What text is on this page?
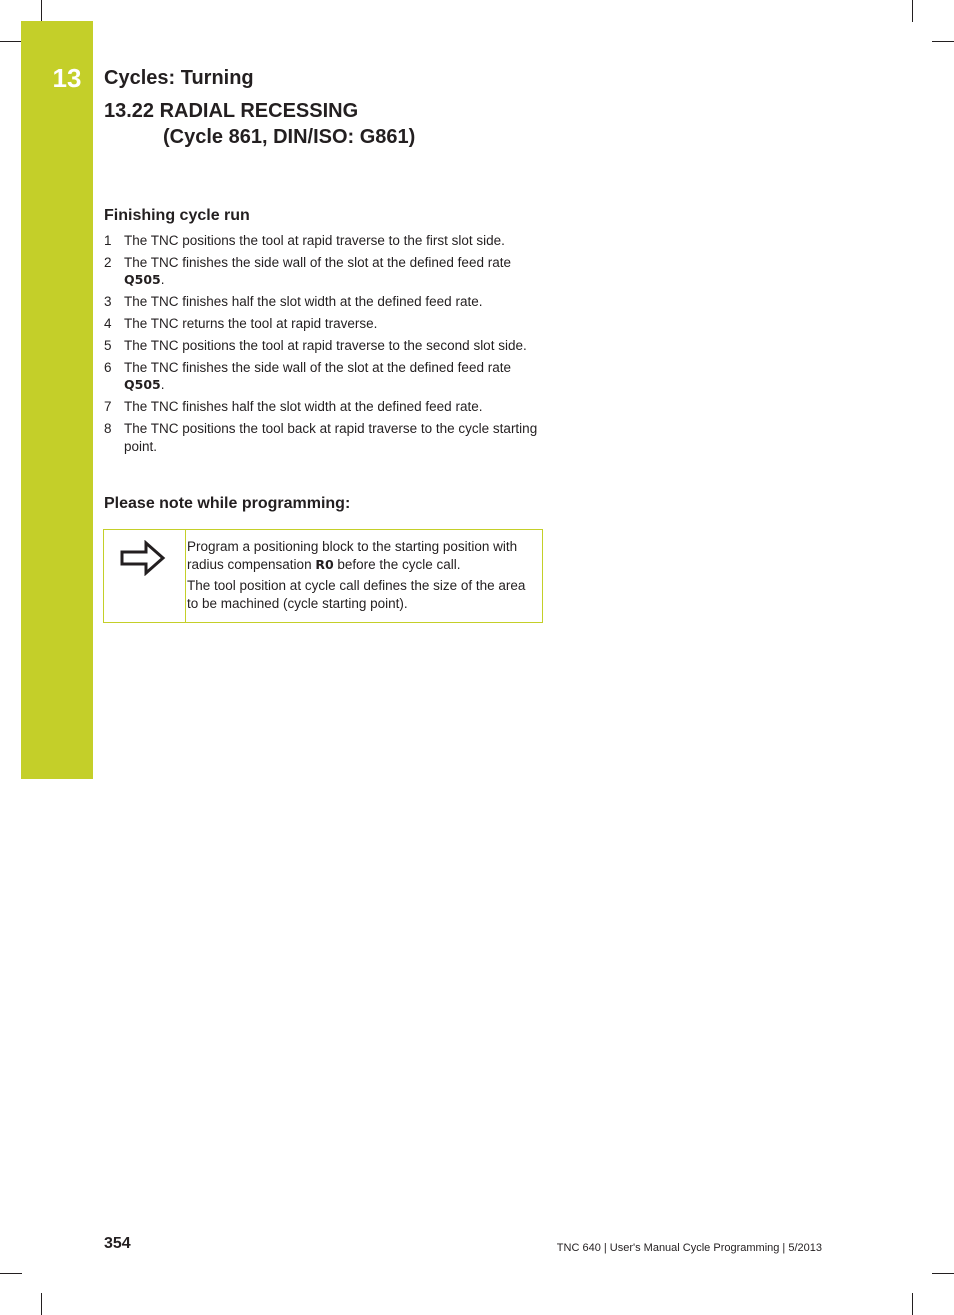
13	Cycles: Turning
13.22 RADIAL RECESSING
(Cycle 861, DIN/ISO: G861)
Finishing cycle run
1 The TNC positions the tool at rapid traverse to the first slot side.
2 The TNC finishes the side wall of the slot at the defined feed rate Q505.
3 The TNC finishes half the slot width at the defined feed rate.
4 The TNC returns the tool at rapid traverse.
5 The TNC positions the tool at rapid traverse to the second slot side.
6 The TNC finishes the side wall of the slot at the defined feed rate Q505.
7 The TNC finishes half the slot width at the defined feed rate.
8 The TNC positions the tool back at rapid traverse to the cycle starting point.
Please note while programming:

Program a positioning block to the starting position with radius compensation R0 before the cycle call.

The tool position at cycle call defines the size of the area to be machined (cycle starting point).

354	TNC 640 | User's Manual Cycle Programming | 5/2013
